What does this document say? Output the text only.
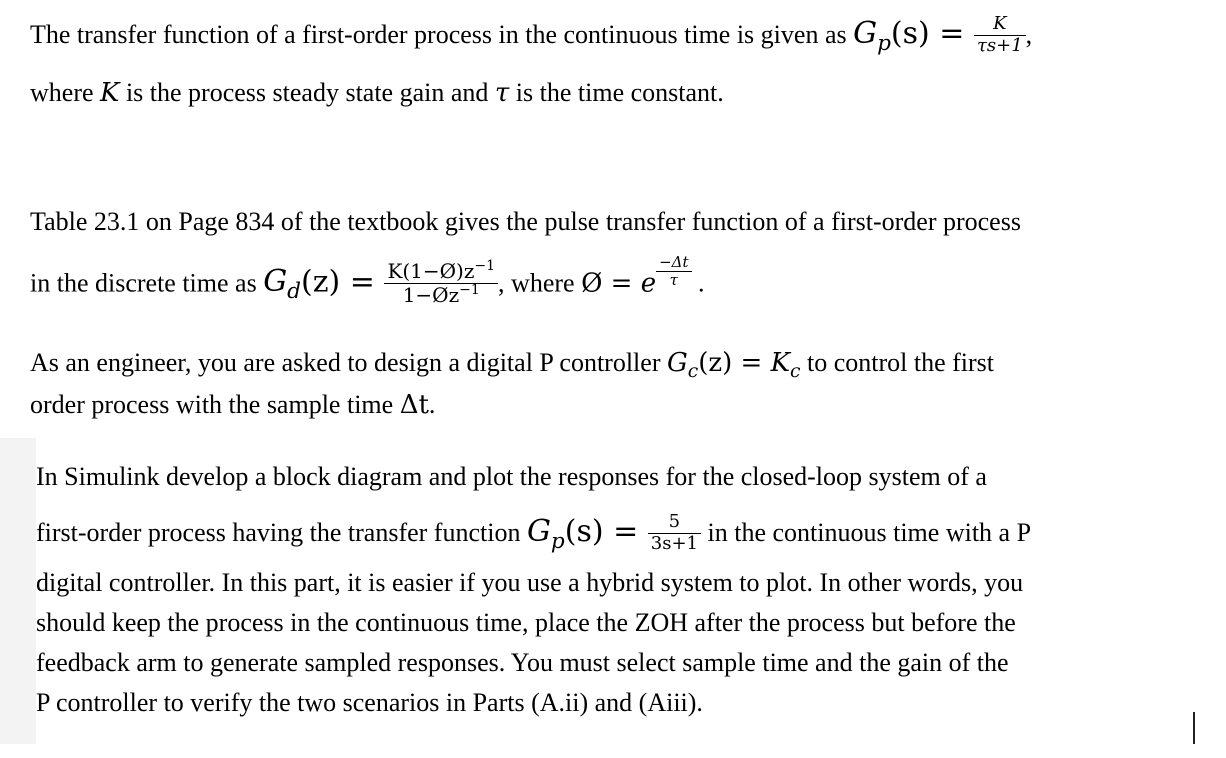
The transfer function of a first-order process in the continuous time is given as $G_p(s) = \frac{K}{\tau s+1}$ ,
where K is the process steady state gain and τ is the time constant.
Table 23.1 on Page 834 of the textbook gives the pulse transfer function of a first-order process
in the discrete time as $G_d(z) = \frac{K(1-Ø)z^{-1}}{1-Øz^{-1}}$ , where Ø = e $\frac{-\Delta t}{\tau}$ .
As an engineer, you are asked to design a digital P controller $G_c(z) = K_c$ to control the first
order process with the sample time Δt.
In Simulink develop a block diagram and plot the responses for the closed-loop system of a
first-order process having the transfer function $G_p(s) = \frac{5}{3s+1}$ in the continuous time with a P
digital controller. In this part, it is easier if you use a hybrid system to plot. In other words, you
should keep the process in the continuous time, place the ZOH after the process but before the
feedback arm to generate sampled responses. You must select sample time and the gain of the
P controller to verify the two scenarios in Parts (A.ii) and (Aiii).
